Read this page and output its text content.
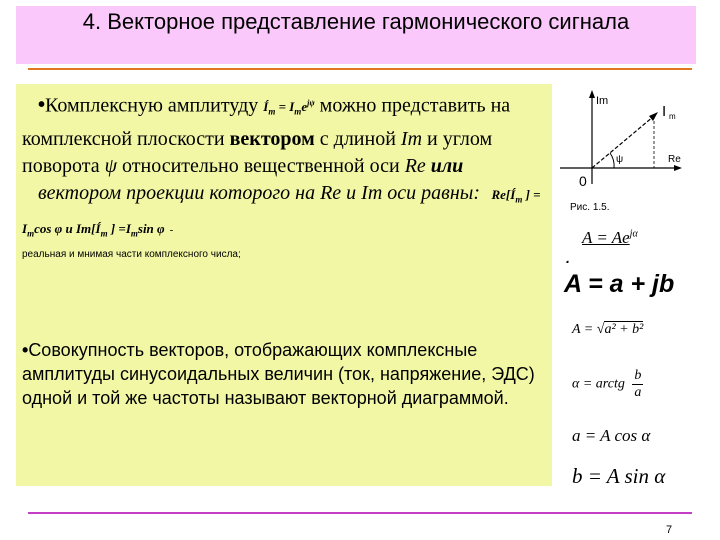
4. Векторное представление гармонического сигнала
•Комплексную амплитуду $Í_m = I_me^{j\psi}$ можно представить на комплексной плоскости вектором с длиной Im и углом поворота ψ относительно вещественной оси Re или
вектором проекции которого на Re и Im оси равны: $Re[Í_m$ ] = $I_m\cos$ φ и $Im[Í_m$ ] $=I_m\sin$ φ -
реальная и мнимая части комплексного числа;
•Совокупность векторов, отображающих комплексные амплитуды синусоидальных величин (ток, напряжение, ЭДС) одной и той же частоты называют векторной диаграммой.
Im
Re
0
I m
ψ
Рис. 1.5.
$A = Ae^{j\alpha}$
.
A = a + jb
A = √a² + b²
α = arctg $\frac{b}{a}$
a = A cos α
b = A sin α
7
